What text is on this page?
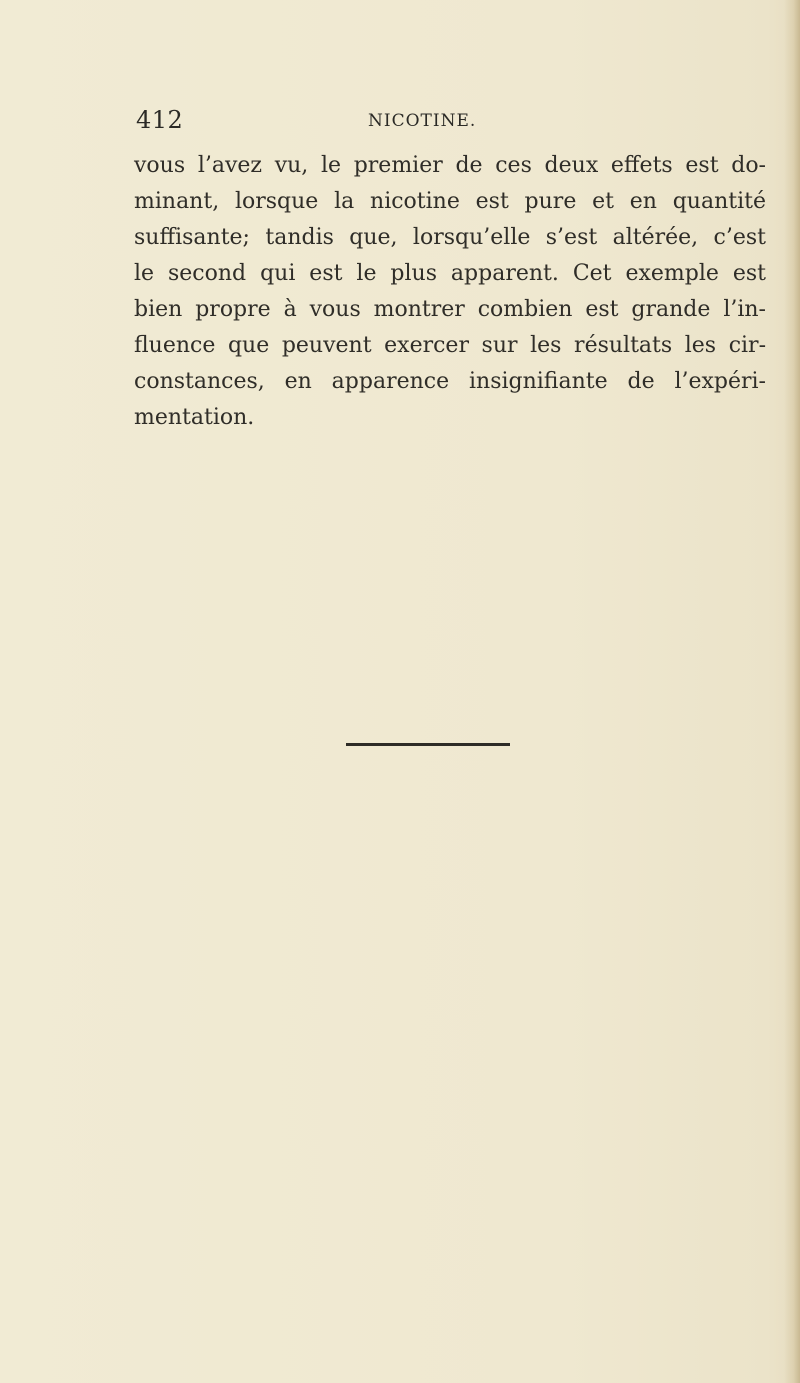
412	NICOTINE.

vous l’avez vu, le premier de ces deux effets est do-
minant, lorsque la nicotine est pure et en quantité
suffisante; tandis que, lorsqu’elle s’est altérée, c’est
le second qui est le plus apparent. Cet exemple est
bien propre à vous montrer combien est grande l’in-
fluence que peuvent exercer sur les résultats les cir-
constances, en apparence insignifiante de l’expéri-
mentation.
